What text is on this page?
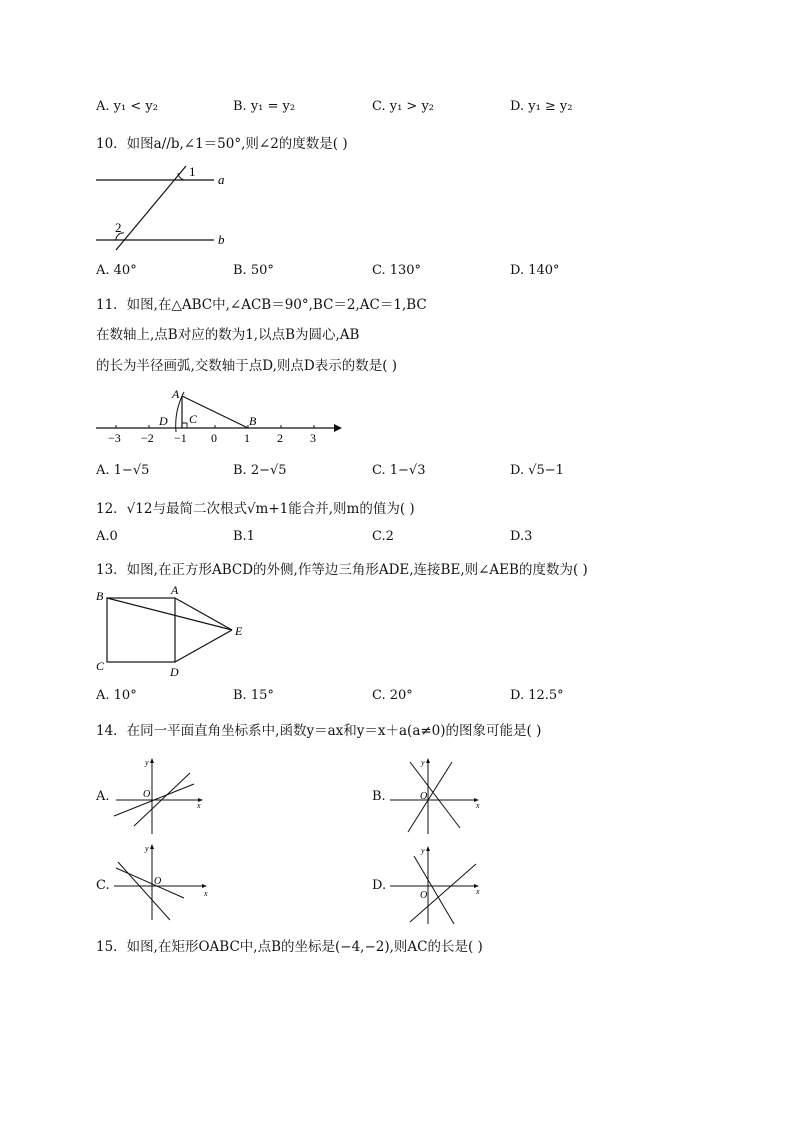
A. y₁ < y₂	B. y₁ = y₂	C. y₁ > y₂	D. y₁ ≥ y₂
10．如图a//b,∠1＝50°,则∠2的度数是( )
1
2
a
b
A. 40°	B. 50°	C. 130°	D. 140°
11．如图,在△ABC中,∠ACB＝90°,BC＝2,AC＝1,BC
在数轴上,点B对应的数为1,以点B为圆心,AB
的长为半径画弧,交数轴于点D,则点D表示的数是( )
−3 −2 −1 0 1 2 3
A
C	B
D
A. 1−√5	B. 2−√5	C. 1−√3	D. √5−1
12．√12与最简二次根式√m+1能合并,则m的值为( )
A.0	B.1	C.2	D.3
13．如图,在正方形ABCD的外侧,作等边三角形ADE,连接BE,则∠AEB的度数为( )
B	A
C	D
E
A. 10°	B. 15°	C. 20°	D. 12.5°
14．在同一平面直角坐标系中,函数y＝ax和y＝x＋a(a≠0)的图象可能是( )
A.	O
x
y
B.	O
x
y
C.	O
x
y
D.
O	x
y
15．如图,在矩形OABC中,点B的坐标是(−4,−2),则AC的长是( )
